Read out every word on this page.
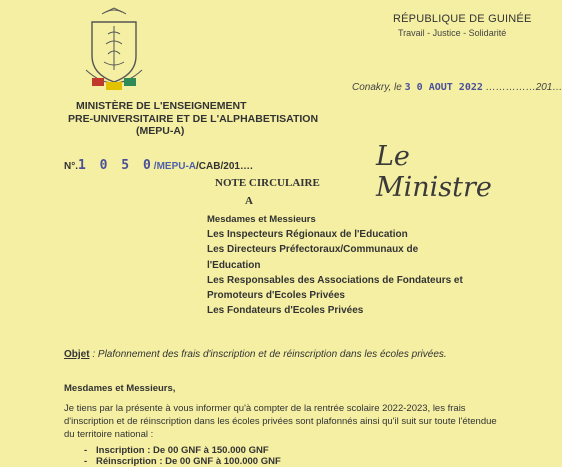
RÉPUBLIQUE DE GUINÉE
Travail - Justice - Solidarité
Conakry, le 3 0 AOUT 2022 ……………201…
MINISTÈRE DE L'ENSEIGNEMENT
PRE-UNIVERSITAIRE ET DE L'ALPHABETISATION
(MEPU-A)
N°.1 0 5 0/MEPU-A/CAB/201….	Le Ministre
NOTE CIRCULAIRE
A
Mesdames et Messieurs
Les Inspecteurs Régionaux de l'Education
Les Directeurs Préfectoraux/Communaux de
l'Education
Les Responsables des Associations de Fondateurs et
Promoteurs d'Ecoles Privées
Les Fondateurs d'Ecoles Privées
Objet : Plafonnement des frais d'inscription et de réinscription dans les écoles privées.
Mesdames et Messieurs,
Je tiens par la présente à vous informer qu'à compter de la rentrée scolaire 2022-2023, les frais d'inscription et de réinscription dans les écoles privées sont plafonnés ainsi qu'il suit sur toute l'étendue du territoire national :
- Inscription : De 00 GNF à 150.000 GNF
- Réinscription : De 00 GNF à 100.000 GNF
